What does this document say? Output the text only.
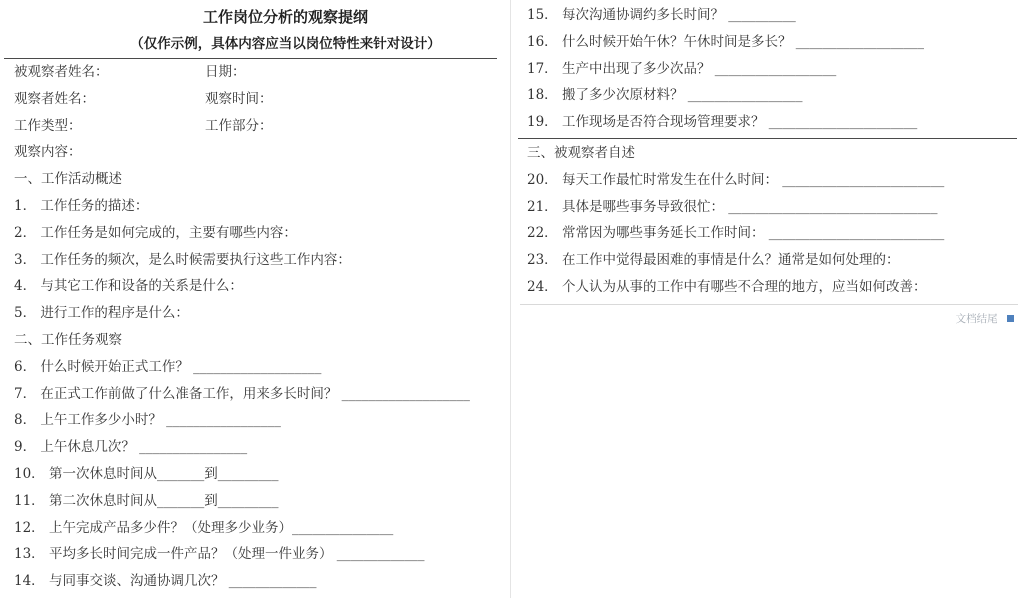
工作岗位分析的观察提纲
（仅作示例，具体内容应当以岗位特性来针对设计）
被观察者姓名：	日期：
观察者姓名：	观察时间：
工作类型：	工作部分：
观察内容：
一、工作活动概述
1． 工作任务的描述：
2． 工作任务是如何完成的，主要有哪些内容：
3． 工作任务的频次，是么时候需要执行这些工作内容：
4． 与其它工作和设备的关系是什么：
5． 进行工作的程序是什么：
二、工作任务观察
6． 什么时候开始正式工作？ ___________________
7． 在正式工作前做了什么准备工作，用来多长时间？ ___________________
8． 上午工作多少小时？ _________________
9． 上午休息几次？ ________________
10． 第一次休息时间从_______到_________
11． 第二次休息时间从_______到_________
12． 上午完成产品多少件？（处理多少业务）_______________
13． 平均多长时间完成一件产品？（处理一件业务） _____________
14． 与同事交谈、沟通协调几次？ _____________
15． 每次沟通协调约多长时间？ __________
16． 什么时候开始午休？午休时间是多长？ ___________________
17． 生产中出现了多少次品？ __________________
18． 搬了多少次原材料？ _________________
19． 工作现场是否符合现场管理要求？ ______________________
三、被观察者自述
20． 每天工作最忙时常发生在什么时间： ________________________
21． 具体是哪些事务导致很忙： _______________________________
22． 常常因为哪些事务延长工作时间： __________________________
23． 在工作中觉得最困难的事情是什么？通常是如何处理的：
24． 个人认为从事的工作中有哪些不合理的地方，应当如何改善：
文档结尾
